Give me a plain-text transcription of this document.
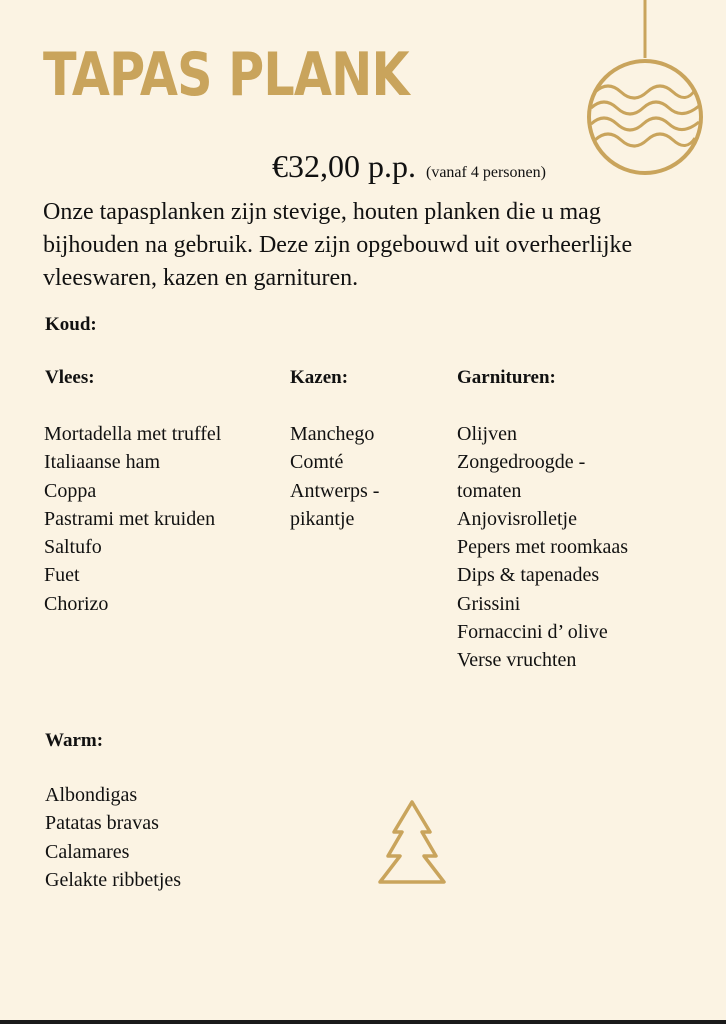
TAPAS PLANK
€32,00 p.p. (vanaf 4 personen)
Onze tapasplanken zijn stevige, houten planken die u mag bijhouden na gebruik. Deze zijn opgebouwd uit overheerlijke vleeswaren, kazen en garnituren.
Koud:
Vlees:	Kazen:	Garnituren:
Mortadella met truffel
Italiaanse ham
Coppa
Pastrami met kruiden
Saltufo
Fuet
Chorizo
Manchego
Comté
Antwerps -
pikantje
Olijven
Zongedroogde -
tomaten
Anjovisrolletje
Pepers met roomkaas
Dips & tapenades
Grissini
Fornaccini d’ olive
Verse vruchten
Warm:
Albondigas
Patatas bravas
Calamares
Gelakte ribbetjes
